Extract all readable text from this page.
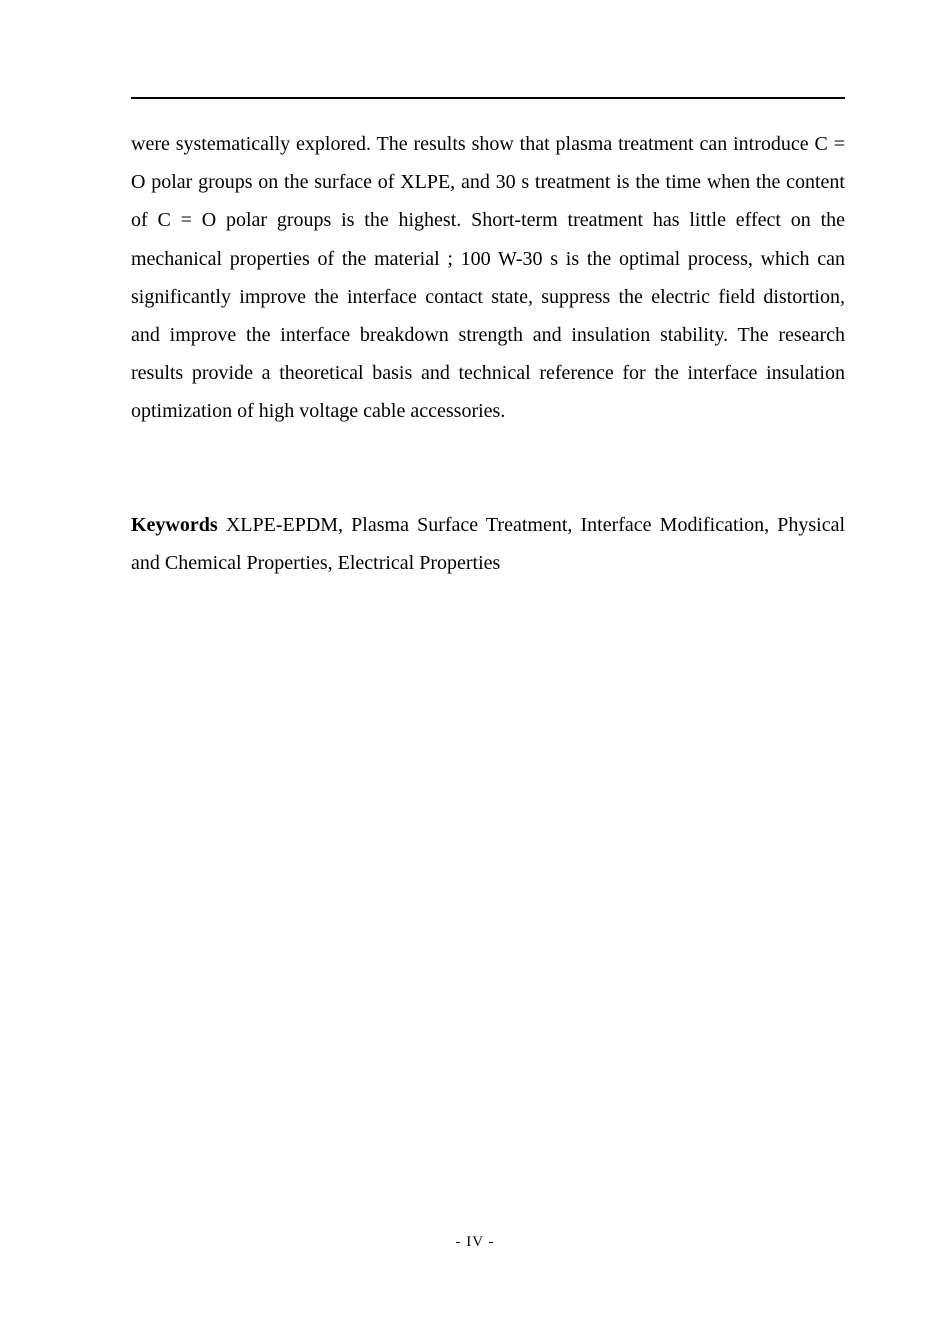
were systematically explored. The results show that plasma treatment can introduce C = O polar groups on the surface of XLPE, and 30 s treatment is the time when the content of C = O polar groups is the highest. Short-term treatment has little effect on the mechanical properties of the material ; 100 W-30 s is the optimal process, which can significantly improve the interface contact state, suppress the electric field distortion, and improve the interface breakdown strength and insulation stability. The research results provide a theoretical basis and technical reference for the interface insulation optimization of high voltage cable accessories.

Keywords XLPE-EPDM, Plasma Surface Treatment, Interface Modification, Physical and Chemical Properties, Electrical Properties

- IV -
